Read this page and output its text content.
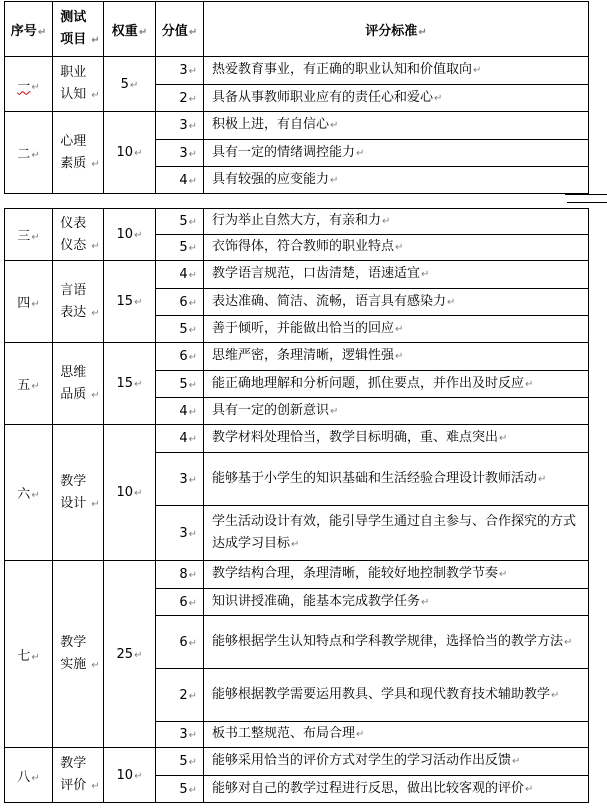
序号↵	测试项目 ↵	权重↵	分值↵	评分标准↵
一↵	职业认知 ↵	5↵	3↵	热爱教育事业，有正确的职业认知和价值取向↵
			2↵	具备从事教师职业应有的责任心和爱心↵
二↵	心理素质 ↵	10↵	3↵	积极上进，有自信心↵
			3↵	具有一定的情绪调控能力↵
			4↵	具有较强的应变能力↵
三↵	仪表仪态 ↵	10↵	5↵	行为举止自然大方，有亲和力↵
			5↵	衣饰得体，符合教师的职业特点↵
四↵	言语表达 ↵	15↵	4↵	教学语言规范，口齿清楚，语速适宜↵
			6↵	表达准确、简洁、流畅，语言具有感染力↵
			5↵	善于倾听，并能做出恰当的回应↵
五↵	思维品质 ↵	15↵	6↵	思维严密，条理清晰，逻辑性强↵
			5↵	能正确地理解和分析问题，抓住要点，并作出及时反应↵
			4↵	具有一定的创新意识↵
六↵	教学设计 ↵	10↵	4↵	教学材料处理恰当，教学目标明确，重、难点突出↵
			3↵	能够基于小学生的知识基础和生活经验合理设计教师活动↵
			3↵	学生活动设计有效，能引导学生通过自主参与、合作探究的方式达成学习目标↵
七↵	教学实施 ↵	25↵	8↵	教学结构合理，条理清晰，能较好地控制教学节奏↵
			6↵	知识讲授准确，能基本完成教学任务↵
			6↵	能够根据学生认知特点和学科教学规律，选择恰当的教学方法↵
			2↵	能够根据教学需要运用教具、学具和现代教育技术辅助教学↵
			3↵	板书工整规范、布局合理↵
八↵	教学评价 ↵	10↵	5↵	能够采用恰当的评价方式对学生的学习活动作出反馈↵
			5↵	能够对自己的教学过程进行反思，做出比较客观的评价↵
